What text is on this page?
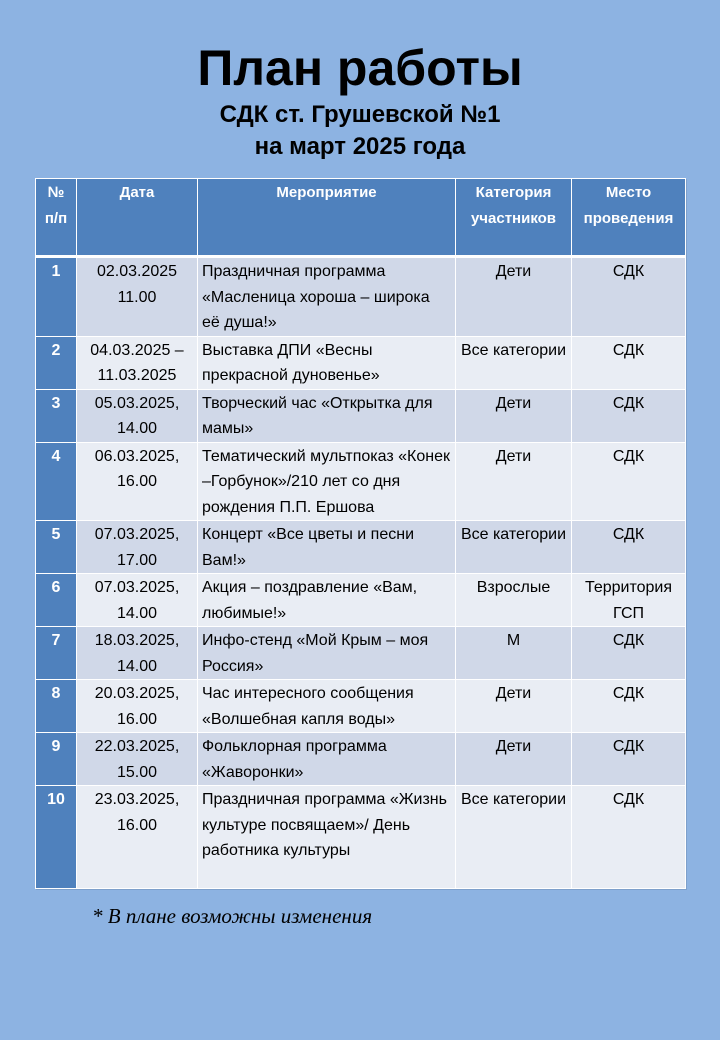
План работы
СДК ст. Грушевской №1
на март 2025 года
№ п/п	Дата	Мероприятие	Категория участников	Место проведения
1	02.03.2025 11.00	Праздничная программа «Масленица хороша – широка её душа!»	Дети	СДК
2	04.03.2025 – 11.03.2025	Выставка ДПИ «Весны прекрасной дуновенье»	Все категории	СДК
3	05.03.2025, 14.00	Творческий час «Открытка для мамы»	Дети	СДК
4	06.03.2025, 16.00	Тематический мультпоказ «Конек –Горбунок»/210 лет со дня рождения П.П. Ершова	Дети	СДК
5	07.03.2025, 17.00	Концерт «Все цветы и песни Вам!»	Все категории	СДК
6	07.03.2025, 14.00	Акция – поздравление «Вам, любимые!»	Взрослые	Территория ГСП
7	18.03.2025, 14.00	Инфо-стенд «Мой Крым – моя Россия»	М	СДК
8	20.03.2025, 16.00	Час интересного сообщения «Волшебная капля воды»	Дети	СДК
9	22.03.2025, 15.00	Фольклорная программа «Жаворонки»	Дети	СДК
10	23.03.2025, 16.00	Праздничная программа «Жизнь культуре посвящаем»/ День работника культуры	Все категории	СДК
* В плане возможны изменения
